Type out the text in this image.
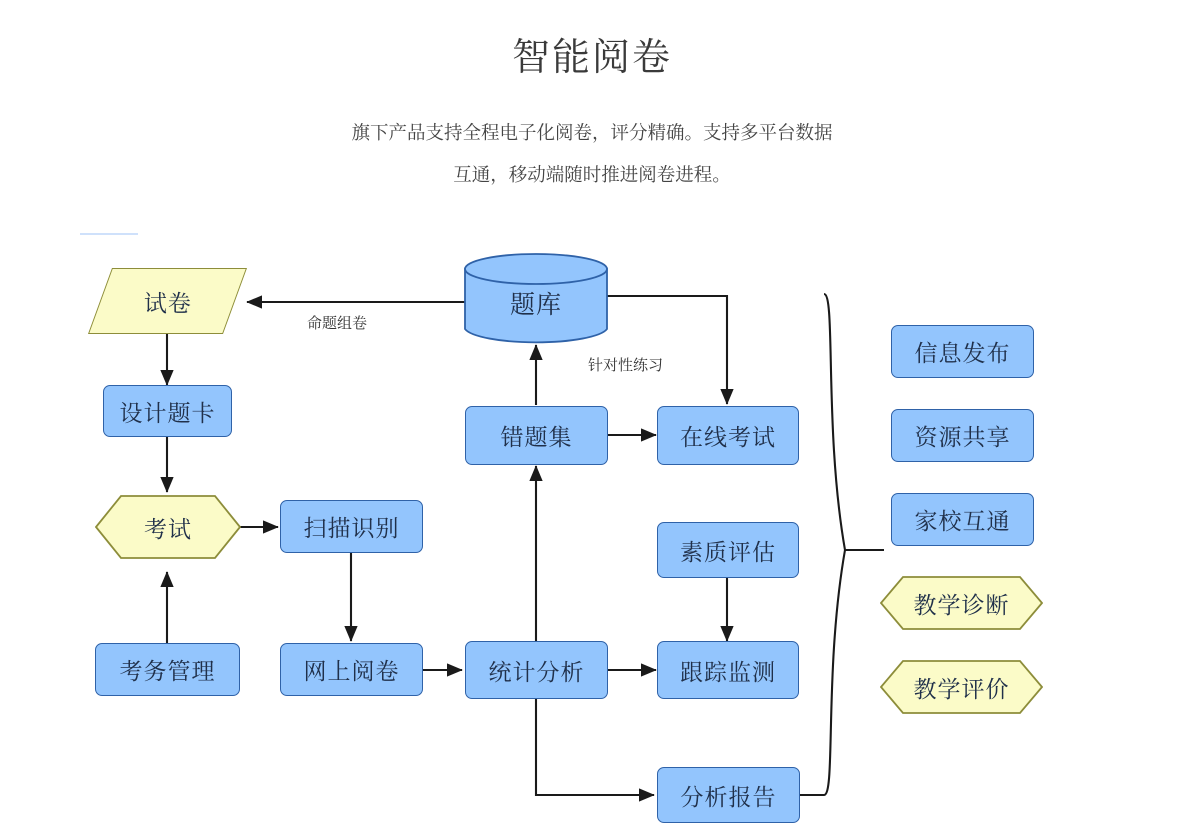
智能阅卷
旗下产品支持全程电子化阅卷，评分精确。支持多平台数据
互通，移动端随时推进阅卷进程。
试卷
命题组卷
针对性练习
设计题卡
考试
考务管理
扫描识别
网上阅卷
题库
错题集
统计分析
在线考试
素质评估
跟踪监测
分析报告
信息发布
资源共享
家校互通
教学诊断
教学评价
